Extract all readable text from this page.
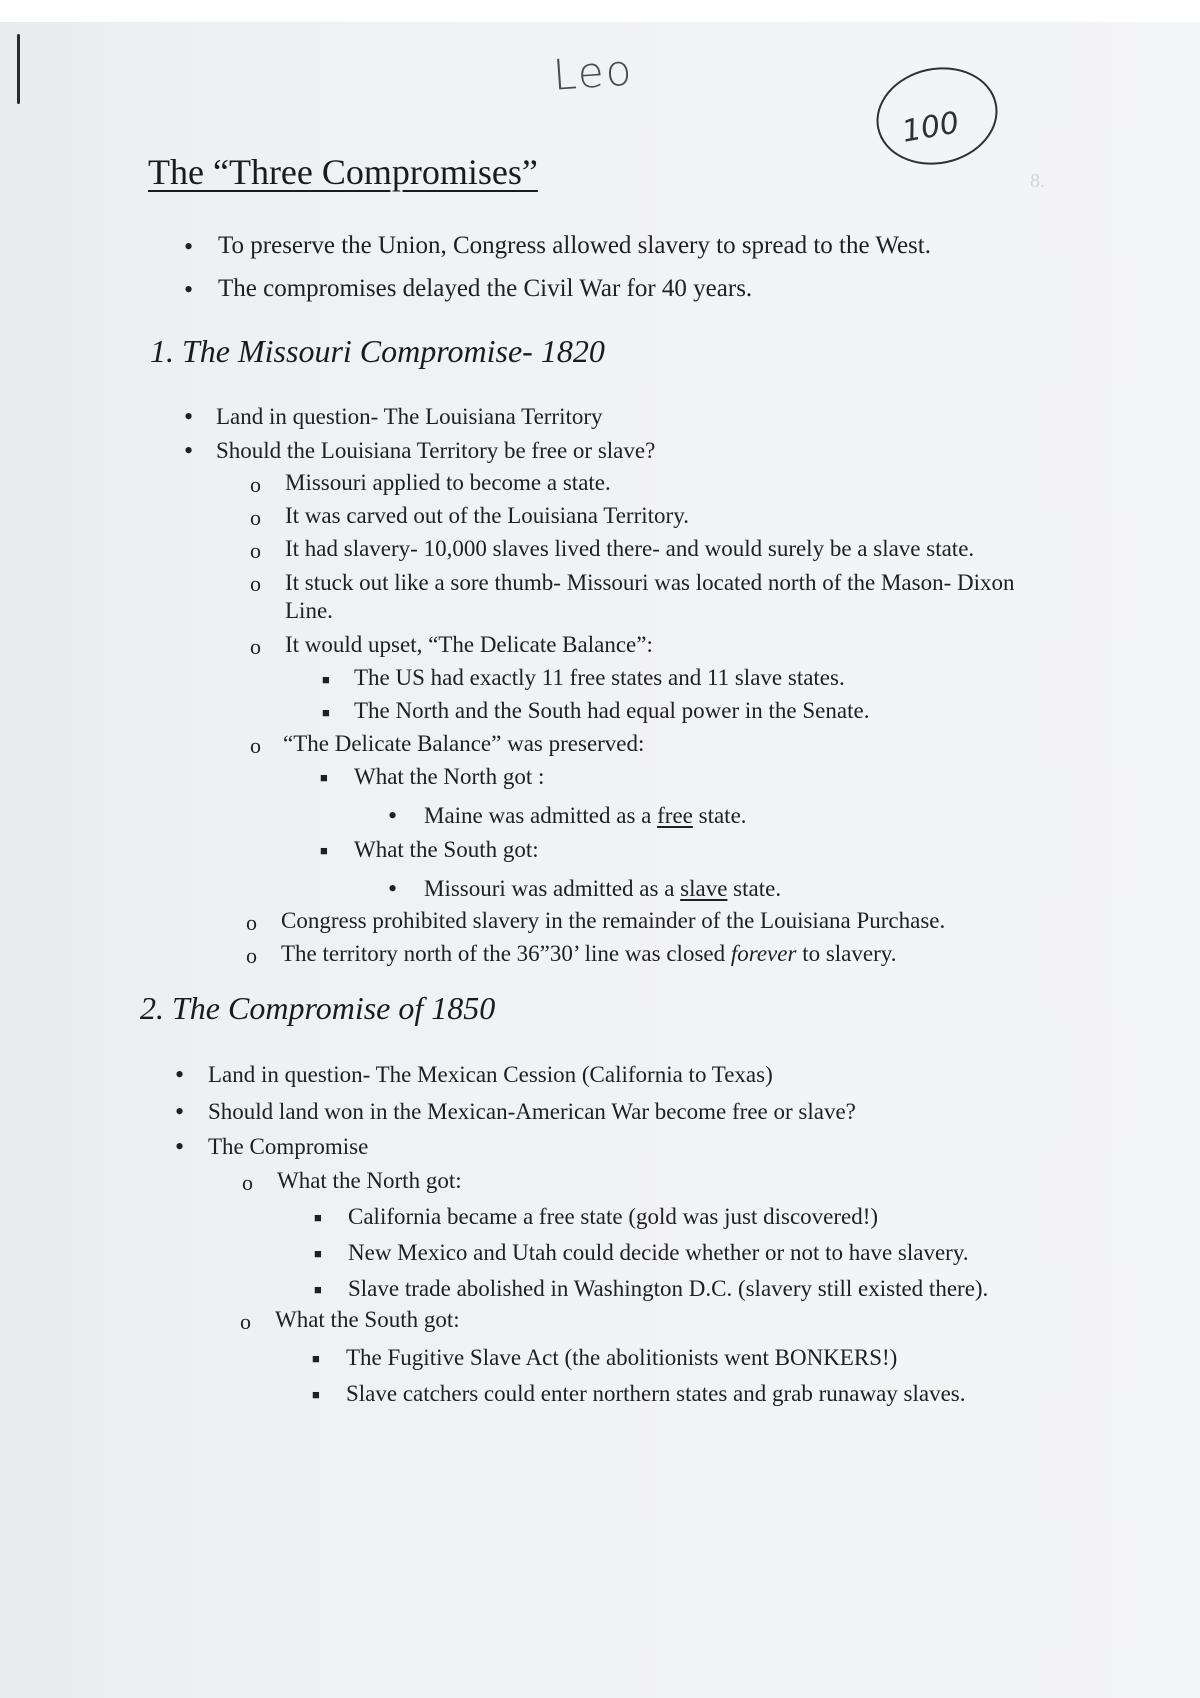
8.
Leo
100
The “Three Compromises”
• To preserve the Union, Congress allowed slavery to spread to the West.
• The compromises delayed the Civil War for 40 years.
1. The Missouri Compromise- 1820
• Land in question- The Louisiana Territory
• Should the Louisiana Territory be free or slave?
o Missouri applied to become a state.
o It was carved out of the Louisiana Territory.
o It had slavery- 10,000 slaves lived there- and would surely be a slave state.
o It stuck out like a sore thumb- Missouri was located north of the Mason- Dixon Line.
o It would upset, “The Delicate Balance”:
■ The US had exactly 11 free states and 11 slave states.
■ The North and the South had equal power in the Senate.
o “The Delicate Balance” was preserved:
■ What the North got :
• Maine was admitted as a free state.
■ What the South got:
• Missouri was admitted as a slave state.
o Congress prohibited slavery in the remainder of the Louisiana Purchase.
o The territory north of the 36”30’ line was closed forever to slavery.
2. The Compromise of 1850
• Land in question- The Mexican Cession (California to Texas)
• Should land won in the Mexican-American War become free or slave?
• The Compromise
o What the North got:
■ California became a free state (gold was just discovered!)
■ New Mexico and Utah could decide whether or not to have slavery.
■ Slave trade abolished in Washington D.C. (slavery still existed there).
o What the South got:
■ The Fugitive Slave Act (the abolitionists went BONKERS!)
■ Slave catchers could enter northern states and grab runaway slaves.
